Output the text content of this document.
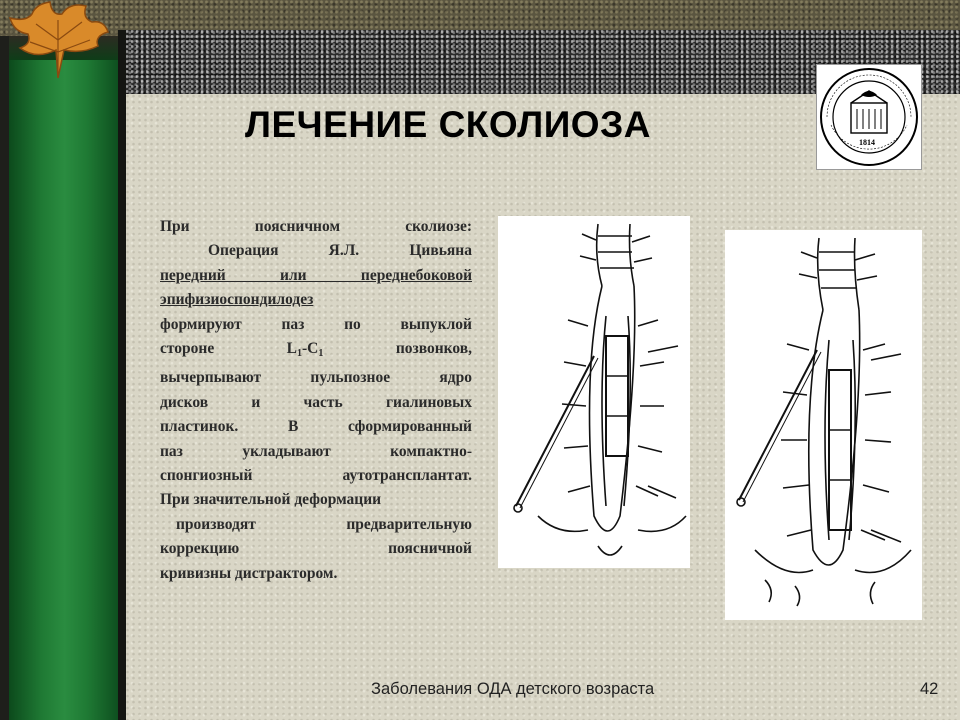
ЛЕЧЕНИЕ СКОЛИОЗА	1814

При поясничном сколиозе:

Операция Я.Л. Цивьяна

передний или переднебоковой

эпифизиоспондилодез

формируют паз по выпуклой

стороне	$L_1-C_1$	позвонков,

вычерпывают пульпозное ядро

дисков и часть гиалиновых

пластинок. В сформированный

паз укладывают компактно-

спонгиозный аутотрансплантат.

При значительной деформации

производят предварительную

коррекцию поясничной

кривизны дистрактором.

Заболевания ОДА детского возраста	42
